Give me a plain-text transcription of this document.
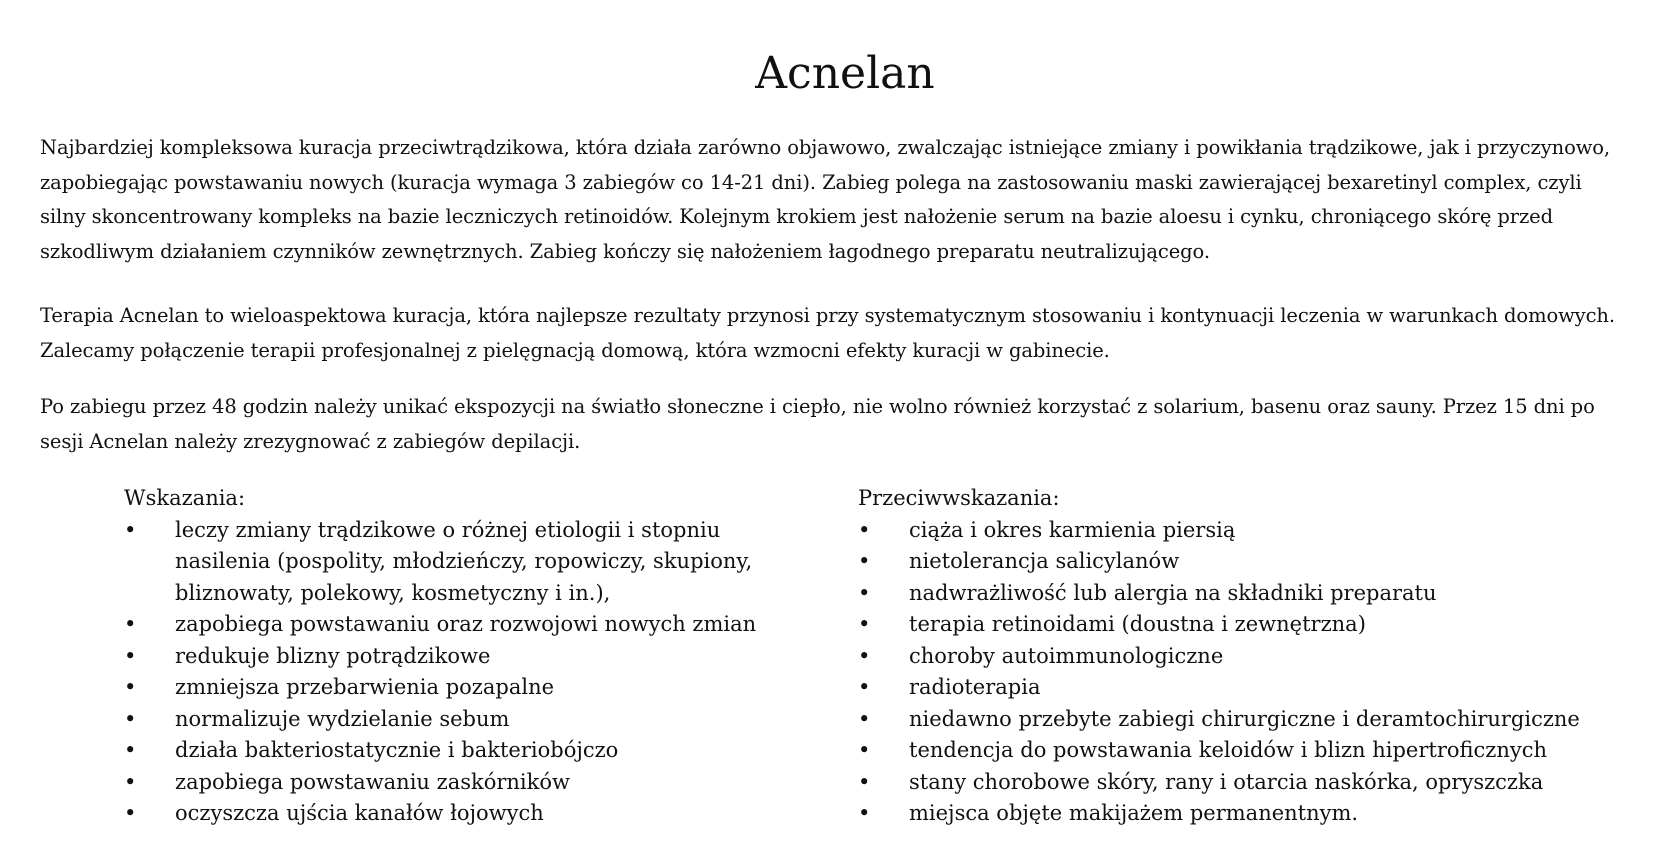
Acnelan

Najbardziej kompleksowa kuracja przeciwtrądzikowa, która działa zarówno objawowo, zwalczając istniejące zmiany i powikłania trądzikowe, jak i przyczynowo, zapobiegając powstawaniu nowych (kuracja wymaga 3 zabiegów co 14-21 dni). Zabieg polega na zastosowaniu maski zawierającej bexaretinyl complex, czyli silny skoncentrowany kompleks na bazie leczniczych retinoidów. Kolejnym krokiem jest nałożenie serum na bazie aloesu i cynku, chroniącego skórę przed szkodliwym działaniem czynników zewnętrznych. Zabieg kończy się nałożeniem łagodnego preparatu neutralizującego.

Terapia Acnelan to wieloaspektowa kuracja, która najlepsze rezultaty przynosi przy systematycznym stosowaniu i kontynuacji leczenia w warunkach domowych. Zalecamy połączenie terapii profesjonalnej z pielęgnacją domową, która wzmocni efekty kuracji w gabinecie.

Po zabiegu przez 48 godzin należy unikać ekspozycji na światło słoneczne i ciepło, nie wolno również korzystać z solarium, basenu oraz sauny. Przez 15 dni po sesji Acnelan należy zrezygnować z zabiegów depilacji.

Wskazania:

• leczy zmiany trądzikowe o różnej etiologii i stopniu nasilenia (pospolity, młodzieńczy, ropowiczy, skupiony, bliznowaty, polekowy, kosmetyczny i in.),
• zapobiega powstawaniu oraz rozwojowi nowych zmian
• redukuje blizny potrądzikowe
• zmniejsza przebarwienia pozapalne
• normalizuje wydzielanie sebum
• działa bakteriostatycznie i bakteriobójczo
• zapobiega powstawaniu zaskórników
• oczyszcza ujścia kanałów łojowych

Przeciwwskazania:

• ciąża i okres karmienia piersią
• nietolerancja salicylanów
• nadwrażliwość lub alergia na składniki preparatu
• terapia retinoidami (doustna i zewnętrzna)
• choroby autoimmunologiczne
• radioterapia
• niedawno przebyte zabiegi chirurgiczne i deramtochirurgiczne
• tendencja do powstawania keloidów i blizn hipertroficznych
• stany chorobowe skóry, rany i otarcia naskórka, opryszczka
• miejsca objęte makijażem permanentnym.
